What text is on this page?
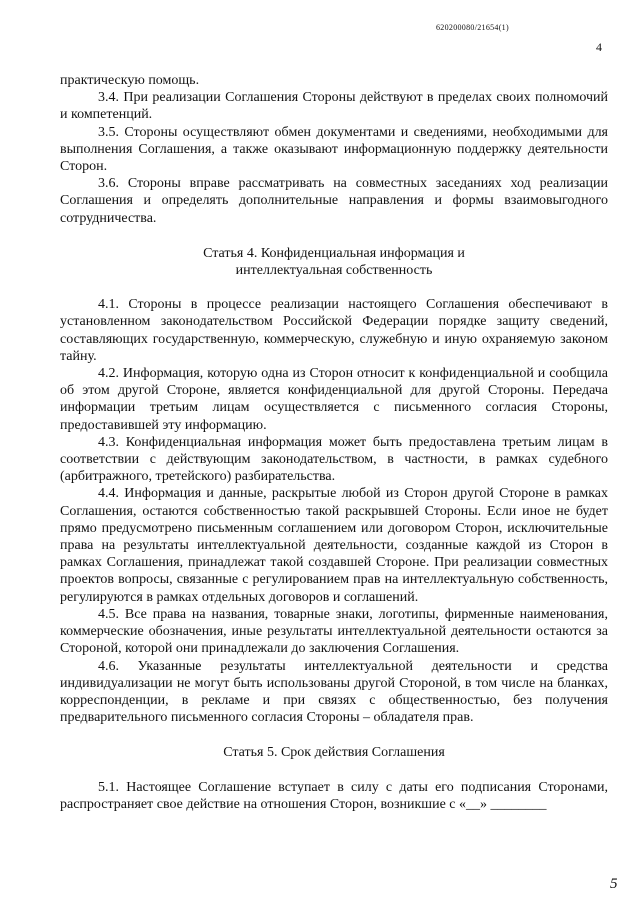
620200080/21654(1)
4

практическую помощь.

3.4. При реализации Соглашения Стороны действуют в пределах своих полномочий и компетенций.

3.5. Стороны осуществляют обмен документами и сведениями, необходимыми для выполнения Соглашения, а также оказывают информационную поддержку деятельности Сторон.

3.6. Стороны вправе рассматривать на совместных заседаниях ход реализации Соглашения и определять дополнительные направления и формы взаимовыгодного сотрудничества.

Статья 4. Конфиденциальная информация и
интеллектуальная собственность

4.1. Стороны в процессе реализации настоящего Соглашения обеспечивают в установленном законодательством Российской Федерации порядке защиту сведений, составляющих государственную, коммерческую, служебную и иную охраняемую законом тайну.

4.2. Информация, которую одна из Сторон относит к конфиденциальной и сообщила об этом другой Стороне, является конфиденциальной для другой Стороны. Передача информации третьим лицам осуществляется с письменного согласия Стороны, предоставившей эту информацию.

4.3. Конфиденциальная информация может быть предоставлена третьим лицам в соответствии с действующим законодательством, в частности, в рамках судебного (арбитражного, третейского) разбирательства.

4.4. Информация и данные, раскрытые любой из Сторон другой Стороне в рамках Соглашения, остаются собственностью такой раскрывшей Стороны. Если иное не будет прямо предусмотрено письменным соглашением или договором Сторон, исключительные права на результаты интеллектуальной деятельности, созданные каждой из Сторон в рамках Соглашения, принадлежат такой создавшей Стороне. При реализации совместных проектов вопросы, связанные с регулированием прав на интеллектуальную собственность, регулируются в рамках отдельных договоров и соглашений.

4.5. Все права на названия, товарные знаки, логотипы, фирменные наименования, коммерческие обозначения, иные результаты интеллектуальной деятельности остаются за Стороной, которой они принадлежали до заключения Соглашения.

4.6. Указанные результаты интеллектуальной деятельности и средства индивидуализации не могут быть использованы другой Стороной, в том числе на бланках, корреспонденции, в рекламе и при связях с общественностью, без получения предварительного письменного согласия Стороны – обладателя прав.

Статья 5. Срок действия Соглашения

5.1. Настоящее Соглашение вступает в силу с даты его подписания Сторонами, распространяет свое действие на отношения Сторон, возникшие с «__» ________

5
